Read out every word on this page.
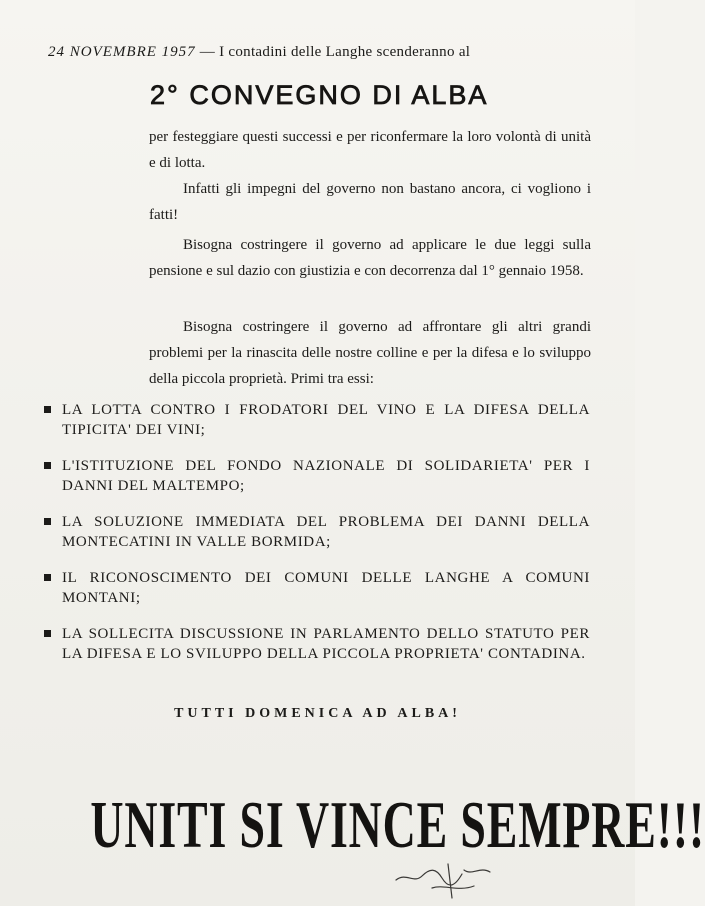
24 NOVEMBRE 1957 — I contadini delle Langhe scenderanno al
2° CONVEGNO DI ALBA
per festeggiare questi successi e per riconfermare la loro volontà di unità e di lotta.
Infatti gli impegni del governo non bastano ancora, ci vogliono i fatti!
Bisogna costringere il governo ad applicare le due leggi sulla pensione e sul dazio con giustizia e con decorrenza dal 1° gennaio 1958.
Bisogna costringere il governo ad affrontare gli altri grandi problemi per la rinascita delle nostre colline e per la difesa e lo sviluppo della piccola proprietà. Primi tra essi:
LA LOTTA CONTRO I FRODATORI DEL VINO E LA DIFESA DELLA TIPICITA' DEI VINI;
L'ISTITUZIONE DEL FONDO NAZIONALE DI SOLIDARIETA' PER I DANNI DEL MALTEMPO;
LA SOLUZIONE IMMEDIATA DEL PROBLEMA DEI DANNI DELLA MONTECATINI IN VALLE BORMIDA;
IL RICONOSCIMENTO DEI COMUNI DELLE LANGHE A COMUNI MONTANI;
LA SOLLECITA DISCUSSIONE IN PARLAMENTO DELLO STATUTO PER LA DIFESA E LO SVILUPPO DELLA PICCOLA PROPRIETA' CONTADINA.
TUTTI DOMENICA AD ALBA!
UNITI SI VINCE SEMPRE!!!
